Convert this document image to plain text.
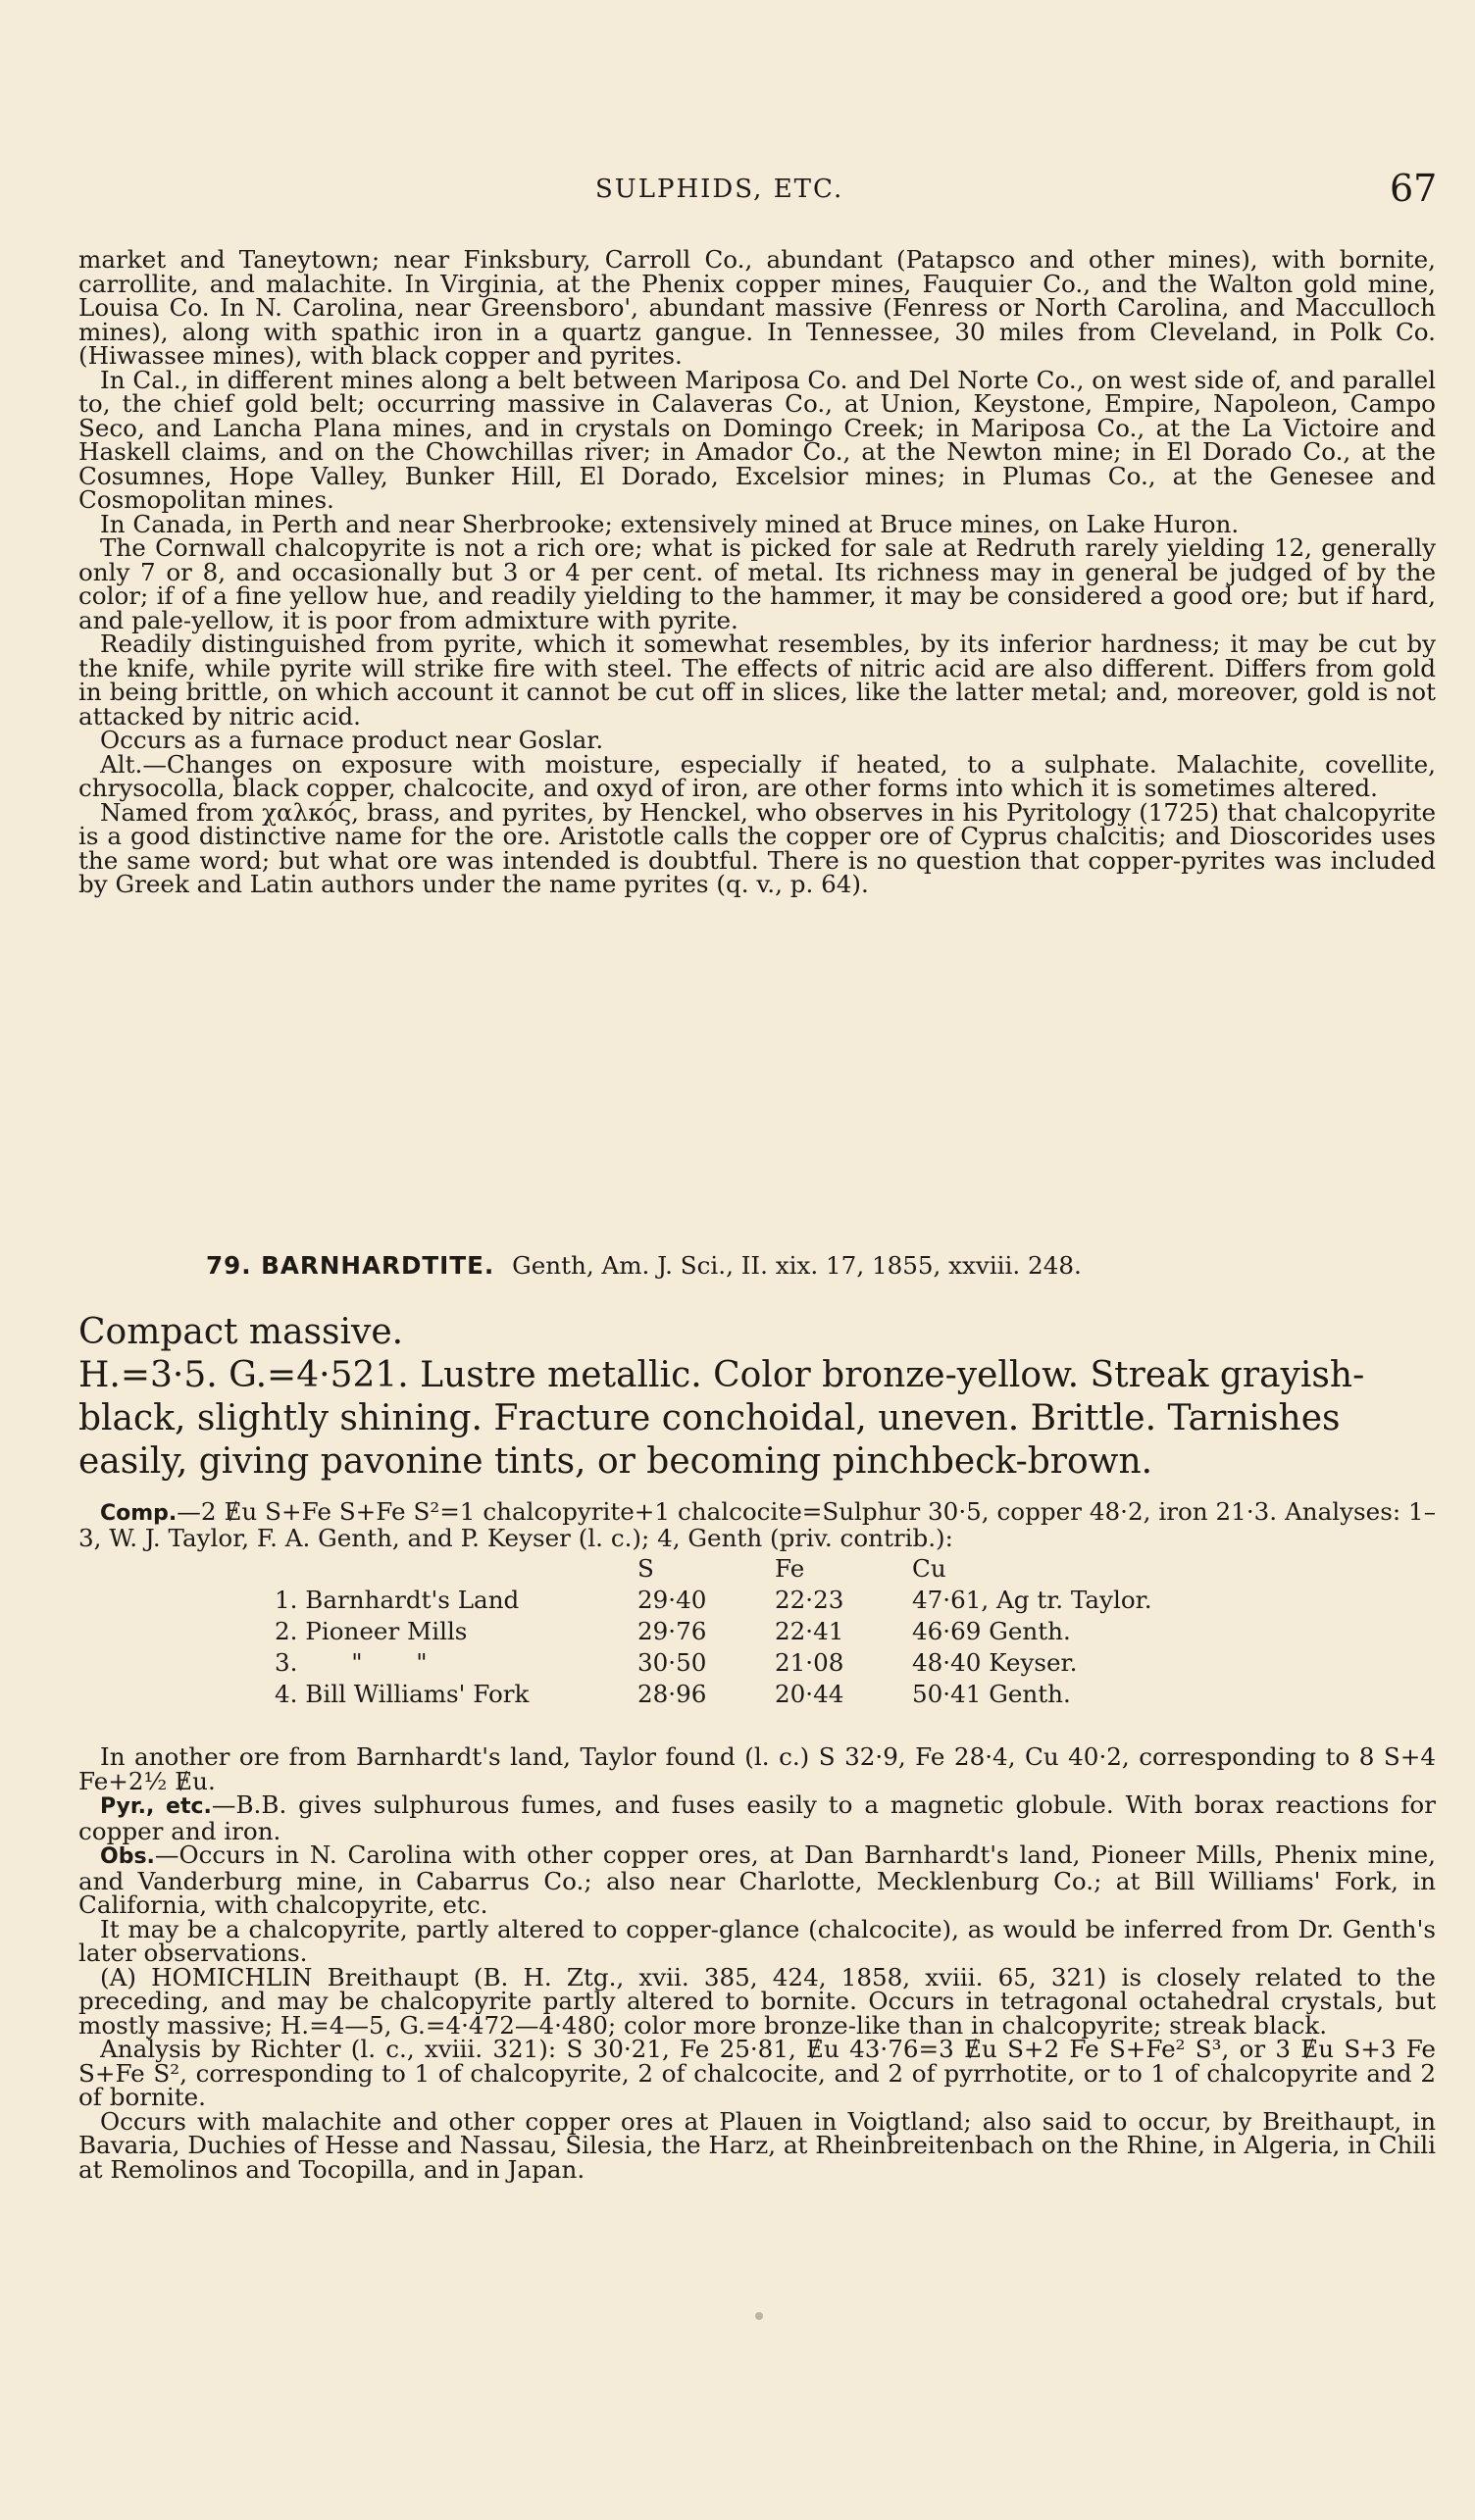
SULPHIDS, ETC.	67

market and Taneytown; near Finksbury, Carroll Co., abundant (Patapsco and other mines), with bornite, carrollite, and malachite. In Virginia, at the Phenix copper mines, Fauquier Co., and the Walton gold mine, Louisa Co. In N. Carolina, near Greensboro', abundant massive (Fenress or North Carolina, and Macculloch mines), along with spathic iron in a quartz gangue. In Tennessee, 30 miles from Cleveland, in Polk Co. (Hiwassee mines), with black copper and pyrites.

In Cal., in different mines along a belt between Mariposa Co. and Del Norte Co., on west side of, and parallel to, the chief gold belt; occurring massive in Calaveras Co., at Union, Keystone, Empire, Napoleon, Campo Seco, and Lancha Plana mines, and in crystals on Domingo Creek; in Mariposa Co., at the La Victoire and Haskell claims, and on the Chowchillas river; in Amador Co., at the Newton mine; in El Dorado Co., at the Cosumnes, Hope Valley, Bunker Hill, El Dorado, Excelsior mines; in Plumas Co., at the Genesee and Cosmopolitan mines.

In Canada, in Perth and near Sherbrooke; extensively mined at Bruce mines, on Lake Huron.

The Cornwall chalcopyrite is not a rich ore; what is picked for sale at Redruth rarely yielding 12, generally only 7 or 8, and occasionally but 3 or 4 per cent. of metal. Its richness may in general be judged of by the color; if of a fine yellow hue, and readily yielding to the hammer, it may be considered a good ore; but if hard, and pale-yellow, it is poor from admixture with pyrite.

Readily distinguished from pyrite, which it somewhat resembles, by its inferior hardness; it may be cut by the knife, while pyrite will strike fire with steel. The effects of nitric acid are also different. Differs from gold in being brittle, on which account it cannot be cut off in slices, like the latter metal; and, moreover, gold is not attacked by nitric acid.

Occurs as a furnace product near Goslar.

Alt.—Changes on exposure with moisture, especially if heated, to a sulphate. Malachite, covellite, chrysocolla, black copper, chalcocite, and oxyd of iron, are other forms into which it is sometimes altered.

Named from χαλκός, brass, and pyrites, by Henckel, who observes in his Pyritology (1725) that chalcopyrite is a good distinctive name for the ore. Aristotle calls the copper ore of Cyprus chalcitis; and Dioscorides uses the same word; but what ore was intended is doubtful. There is no question that copper-pyrites was included by Greek and Latin authors under the name pyrites (q. v., p. 64).

79. BARNHARDTITE. Genth, Am. J. Sci., II. xix. 17, 1855, xxviii. 248.

Compact massive.

H.=3·5. G.=4·521. Lustre metallic. Color bronze-yellow. Streak grayish-black, slightly shining. Fracture conchoidal, uneven. Brittle. Tarnishes easily, giving pavonine tints, or becoming pinchbeck-brown.

Comp.—2 Ɇu S+Fe S+Fe S²=1 chalcopyrite+1 chalcocite=Sulphur 30·5, copper 48·2, iron 21·3. Analyses: 1–3, W. J. Taylor, F. A. Genth, and P. Keyser (l. c.); 4, Genth (priv. contrib.):

	S	Fe	Cu
1. Barnhardt's Land	29·40	22·23	47·61, Ag tr. Taylor.
2. Pioneer Mills	29·76	22·41	46·69 Genth.
3.       "       "	30·50	21·08	48·40 Keyser.
4. Bill Williams' Fork	28·96	20·44	50·41 Genth.

In another ore from Barnhardt's land, Taylor found (l. c.) S 32·9, Fe 28·4, Cu 40·2, corresponding to 8 S+4 Fe+2½ Ɇu.

Pyr., etc.—B.B. gives sulphurous fumes, and fuses easily to a magnetic globule. With borax reactions for copper and iron.

Obs.—Occurs in N. Carolina with other copper ores, at Dan Barnhardt's land, Pioneer Mills, Phenix mine, and Vanderburg mine, in Cabarrus Co.; also near Charlotte, Mecklenburg Co.; at Bill Williams' Fork, in California, with chalcopyrite, etc.

It may be a chalcopyrite, partly altered to copper-glance (chalcocite), as would be inferred from Dr. Genth's later observations.

(A) HOMICHLIN Breithaupt (B. H. Ztg., xvii. 385, 424, 1858, xviii. 65, 321) is closely related to the preceding, and may be chalcopyrite partly altered to bornite. Occurs in tetragonal octahedral crystals, but mostly massive; H.=4—5, G.=4·472—4·480; color more bronze-like than in chalcopyrite; streak black.

Analysis by Richter (l. c., xviii. 321): S 30·21, Fe 25·81, Ɇu 43·76=3 Ɇu S+2 Fe S+Fe² S³, or 3 Ɇu S+3 Fe S+Fe S², corresponding to 1 of chalcopyrite, 2 of chalcocite, and 2 of pyrrhotite, or to 1 of chalcopyrite and 2 of bornite.

Occurs with malachite and other copper ores at Plauen in Voigtland; also said to occur, by Breithaupt, in Bavaria, Duchies of Hesse and Nassau, Silesia, the Harz, at Rheinbreitenbach on the Rhine, in Algeria, in Chili at Remolinos and Tocopilla, and in Japan.
